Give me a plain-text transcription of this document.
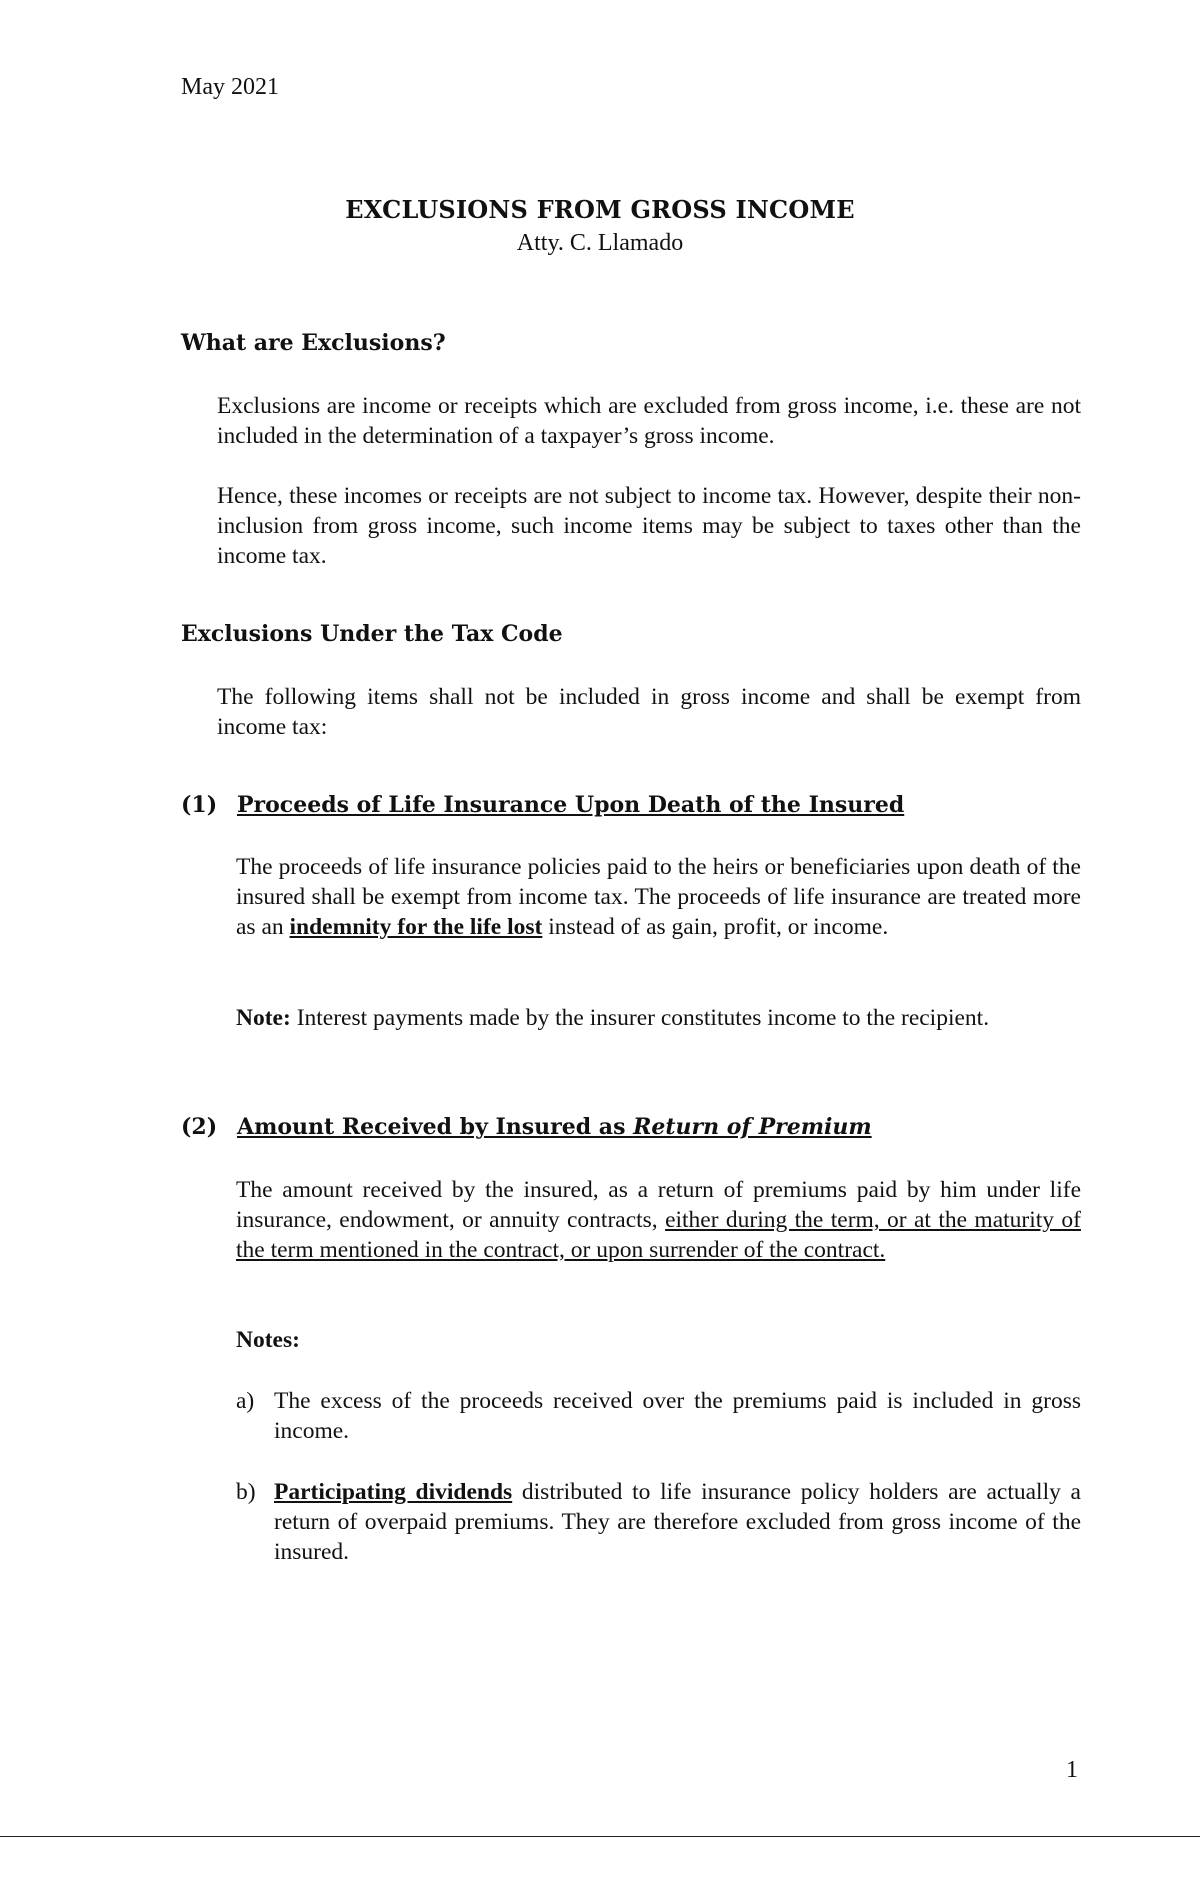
May 2021
EXCLUSIONS FROM GROSS INCOME
Atty. C. Llamado
What are Exclusions?
Exclusions are income or receipts which are excluded from gross income, i.e. these are not included in the determination of a taxpayer’s gross income.
Hence, these incomes or receipts are not subject to income tax. However, despite their non-inclusion from gross income, such income items may be subject to taxes other than the income tax.
Exclusions Under the Tax Code
The following items shall not be included in gross income and shall be exempt from income tax:
(1) Proceeds of Life Insurance Upon Death of the Insured
The proceeds of life insurance policies paid to the heirs or beneficiaries upon death of the insured shall be exempt from income tax. The proceeds of life insurance are treated more as an indemnity for the life lost instead of as gain, profit, or income.
Note: Interest payments made by the insurer constitutes income to the recipient.
(2) Amount Received by Insured as Return of Premium
The amount received by the insured, as a return of premiums paid by him under life insurance, endowment, or annuity contracts, either during the term, or at the maturity of the term mentioned in the contract, or upon surrender of the contract.
Notes:
a) The excess of the proceeds received over the premiums paid is included in gross income.
b) Participating dividends distributed to life insurance policy holders are actually a return of overpaid premiums. They are therefore excluded from gross income of the insured.
1
